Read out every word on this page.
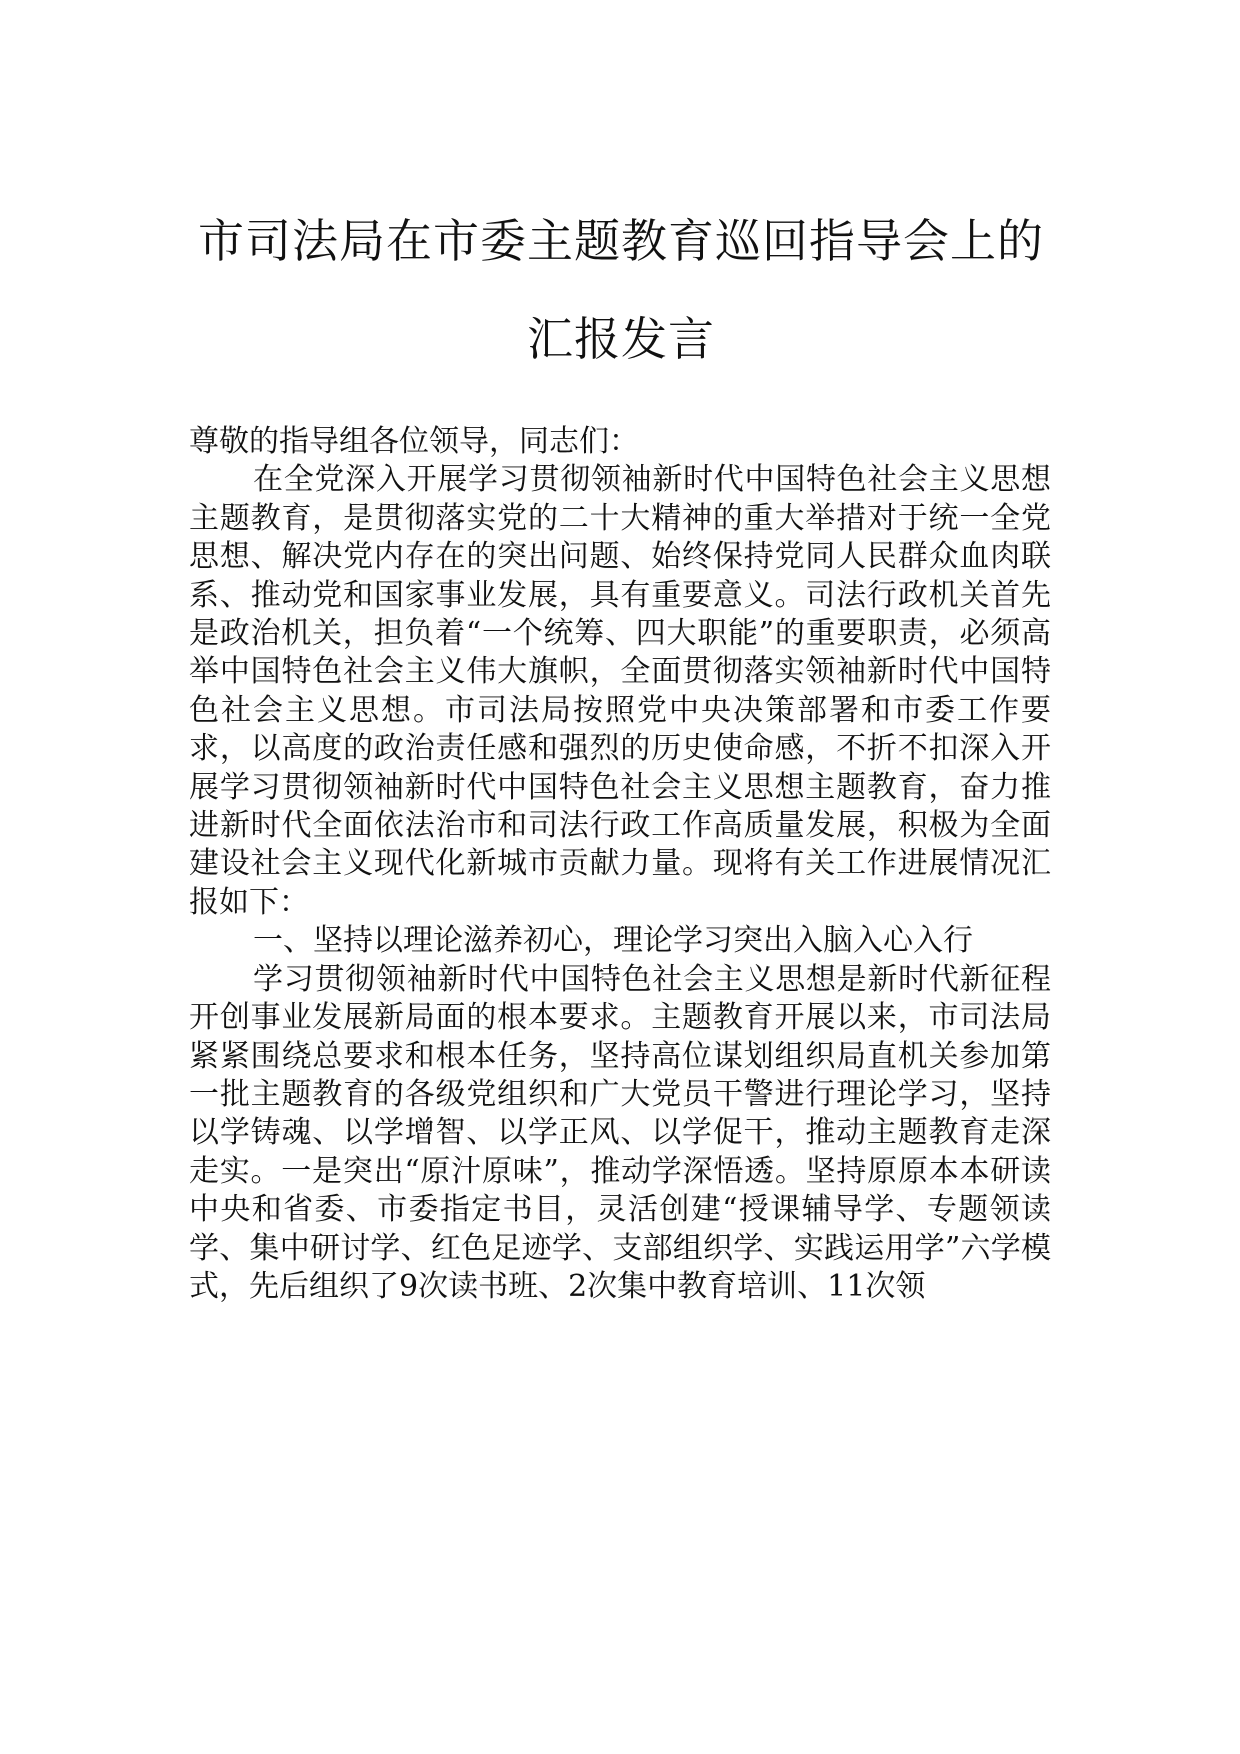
市司法局在市委主题教育巡回指导会上的
汇报发言

尊敬的指导组各位领导，同志们：

在全党深入开展学习贯彻领袖新时代中国特色社会主义思想主题教育，是贯彻落实党的二十大精神的重大举措对于统一全党思想、解决党内存在的突出问题、始终保持党同人民群众血肉联系、推动党和国家事业发展，具有重要意义。司法行政机关首先是政治机关，担负着“一个统筹、四大职能”的重要职责，必须高举中国特色社会主义伟大旗帜，全面贯彻落实领袖新时代中国特色社会主义思想。市司法局按照党中央决策部署和市委工作要求，以高度的政治责任感和强烈的历史使命感，不折不扣深入开展学习贯彻领袖新时代中国特色社会主义思想主题教育，奋力推进新时代全面依法治市和司法行政工作高质量发展，积极为全面建设社会主义现代化新城市贡献力量。现将有关工作进展情况汇报如下：

一、坚持以理论滋养初心，理论学习突出入脑入心入行

学习贯彻领袖新时代中国特色社会主义思想是新时代新征程开创事业发展新局面的根本要求。主题教育开展以来，市司法局紧紧围绕总要求和根本任务，坚持高位谋划组织局直机关参加第一批主题教育的各级党组织和广大党员干警进行理论学习，坚持以学铸魂、以学增智、以学正风、以学促干，推动主题教育走深走实。一是突出“原汁原味”，推动学深悟透。坚持原原本本研读中央和省委、市委指定书目，灵活创建“授课辅导学、专题领读学、集中研讨学、红色足迹学、支部组织学、实践运用学”六学模式，先后组织了9次读书班、2次集中教育培训、11次领
